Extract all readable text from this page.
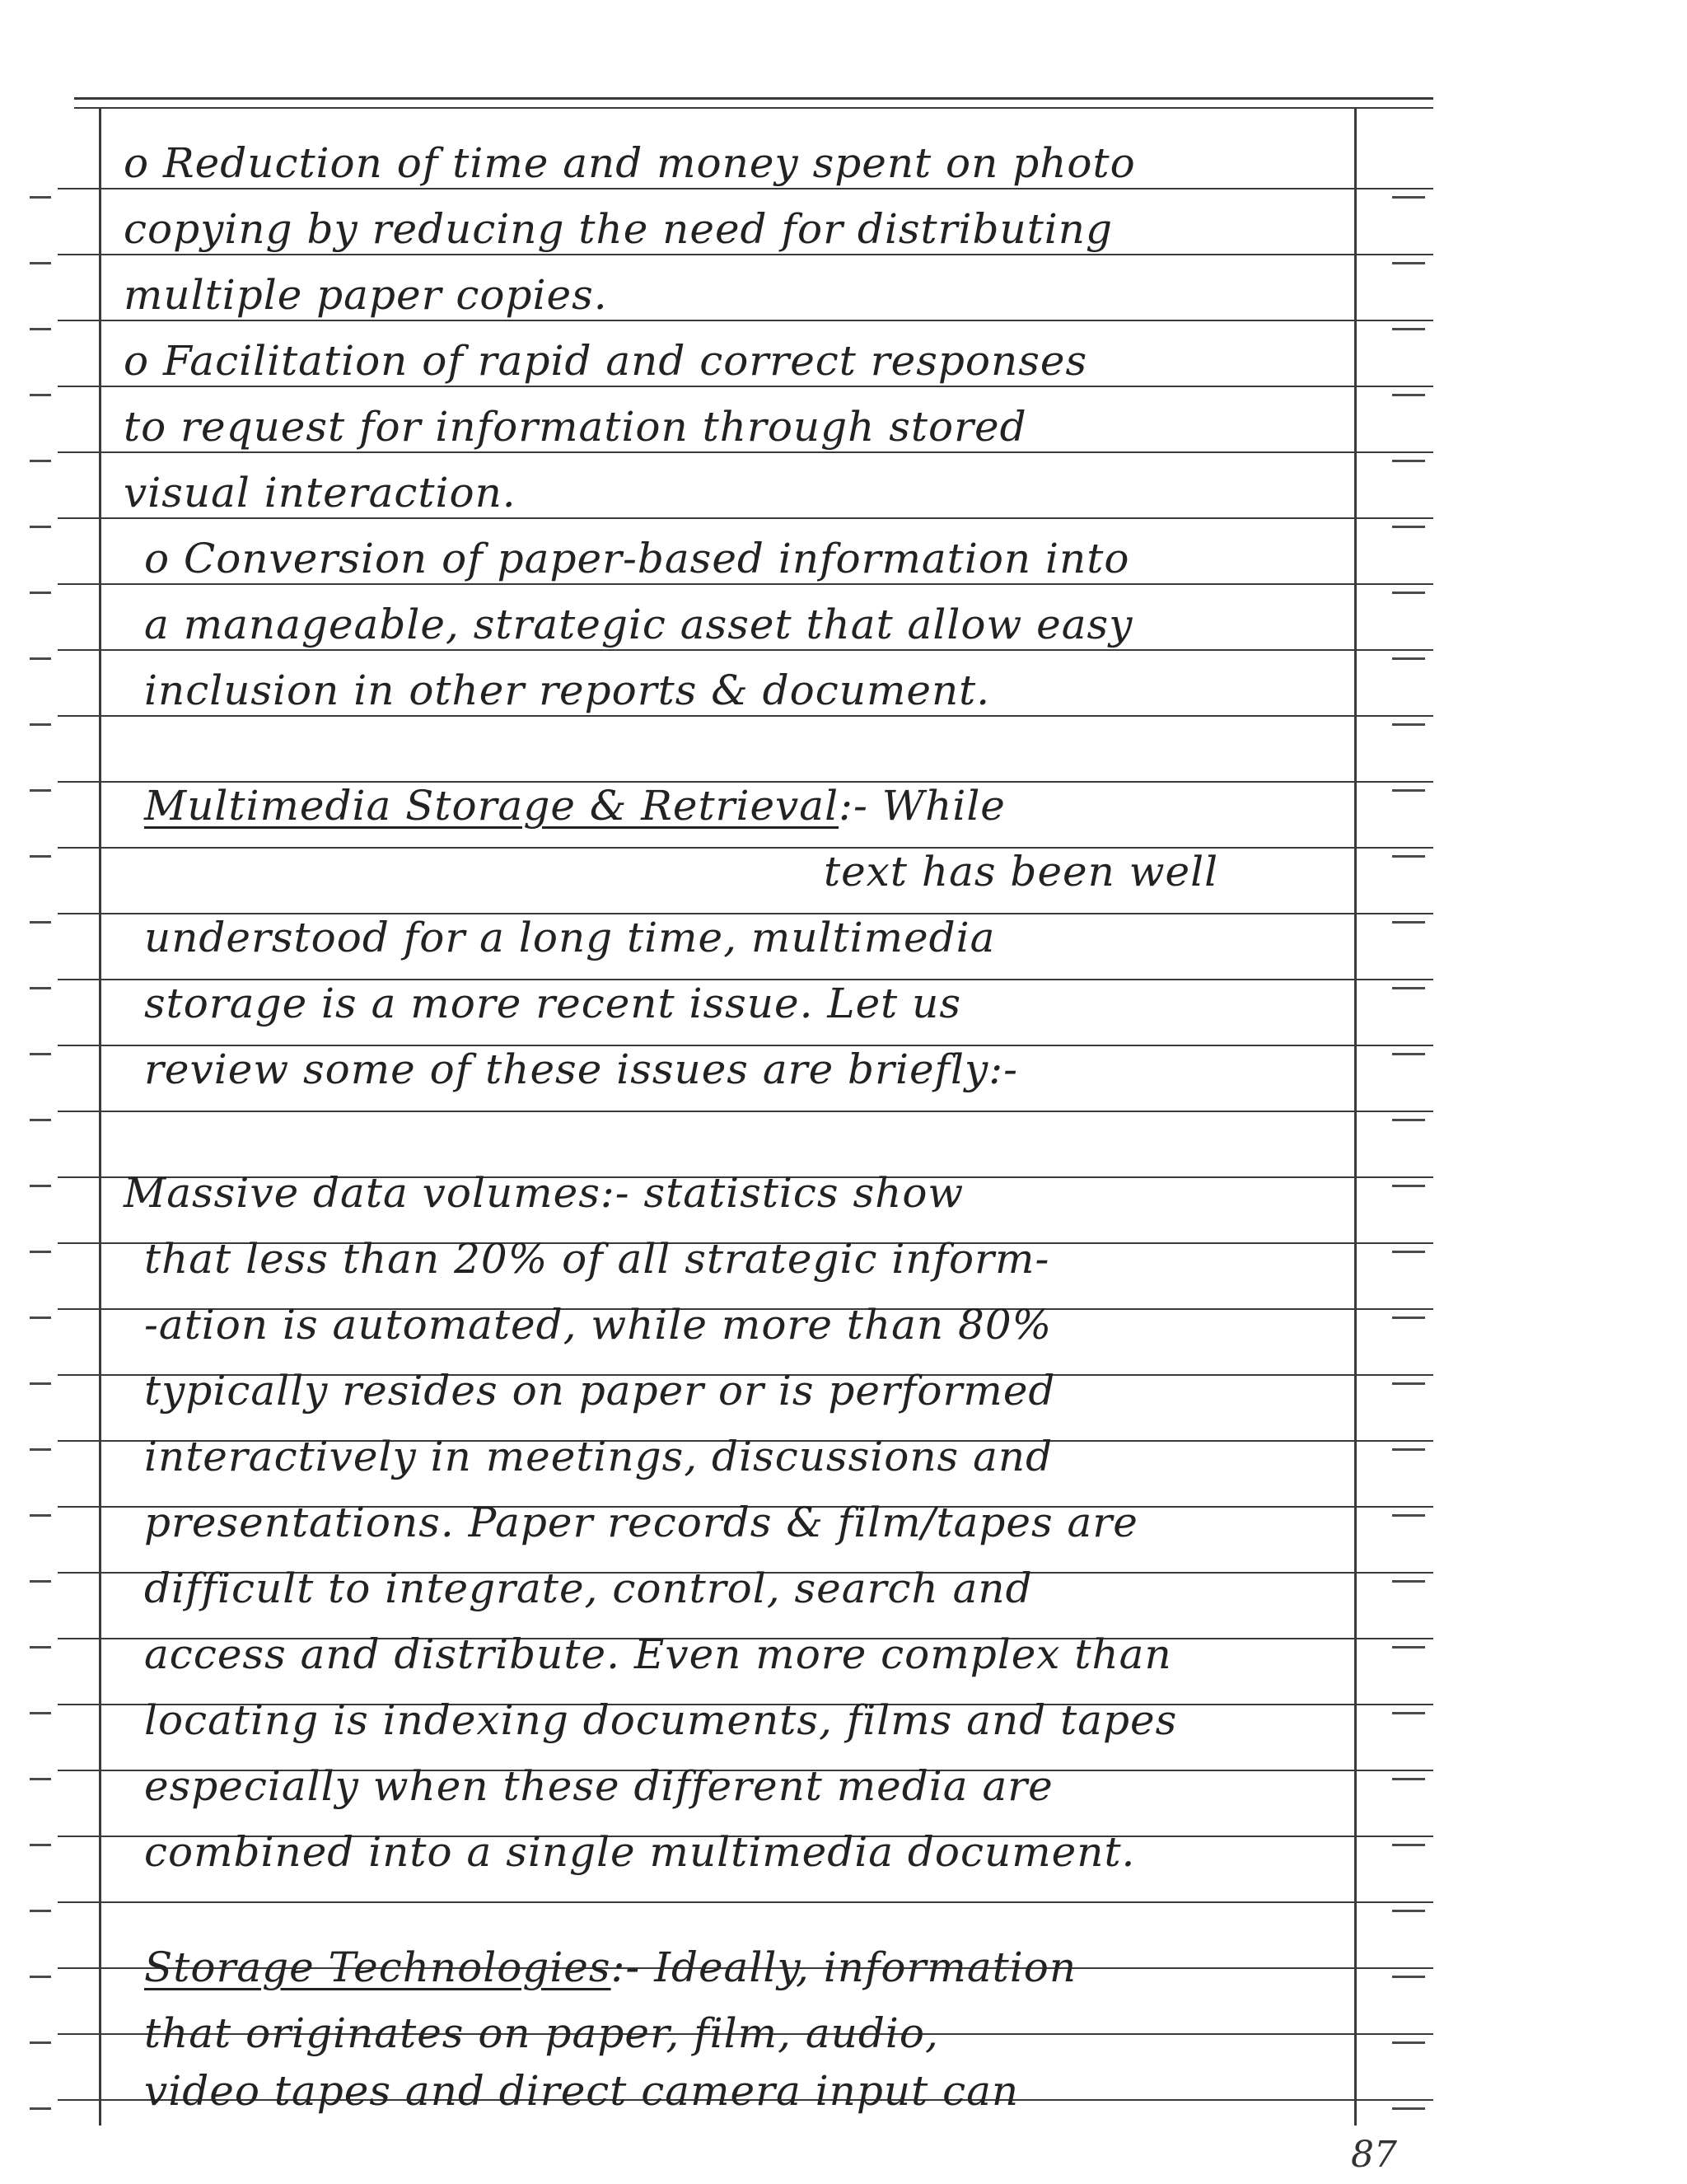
o Reduction of time and money spent on photo
copying by reducing the need for distributing
multiple paper copies.
o Facilitation of rapid and correct responses
to request for information through stored
visual interaction.
o Conversion of paper-based information into
a manageable, strategic asset that allow easy
inclusion in other reports & document.
Multimedia Storage & Retrieval:- While
text has been well
understood for a long time, multimedia
storage is a more recent issue. Let us
review some of these issues are briefly:-
Massive data volumes:- statistics show
that less than 20% of all strategic inform-
-ation is automated, while more than 80%
typically resides on paper or is performed
interactively in meetings, discussions and
presentations. Paper records & film/tapes are
difficult to integrate, control, search and
access and distribute. Even more complex than
locating is indexing documents, films and tapes
especially when these different media are
combined into a single multimedia document.
Storage Technologies:- Ideally, information
that originates on paper, film, audio,
video tapes and direct camera input can
87
